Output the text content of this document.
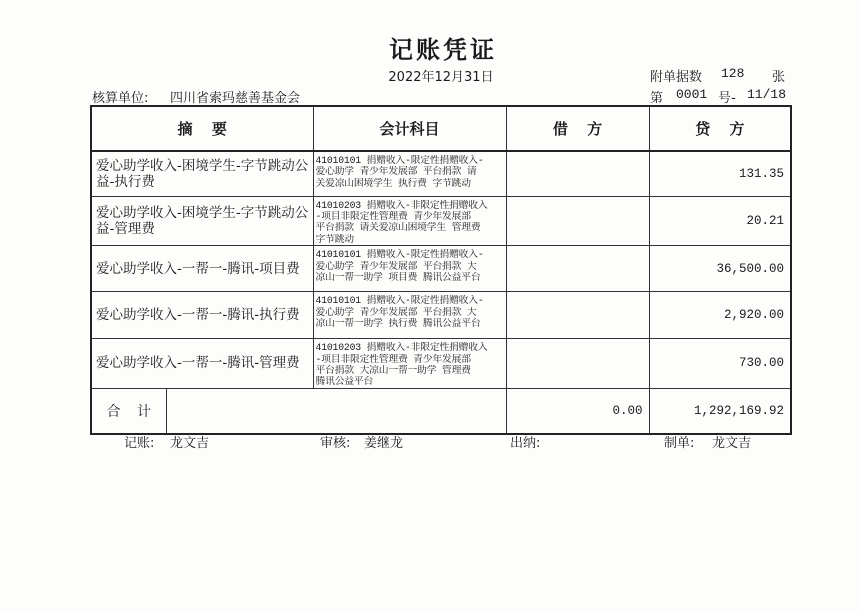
记账凭证
2022年12月31日	附单据数 128 张
核算单位: 四川省索玛慈善基金会	第 0001 号- 11/18
摘 要		会计科目	借 方	贷 方
爱心助学收入-困境学生-字节跳动公益-执行费		41010101 捐赠收入-限定性捐赠收入-
爱心助学 青少年发展部 平台捐款 请
关爱凉山困境学生 执行费 字节跳动		131.35
爱心助学收入-困境学生-字节跳动公益-管理费		41010203 捐赠收入-非限定性捐赠收入
-项目非限定性管理费 青少年发展部
平台捐款 请关爱凉山困境学生 管理费
字节跳动		20.21
爱心助学收入-一帮一-腾讯-项目费		41010101 捐赠收入-限定性捐赠收入-
爱心助学 青少年发展部 平台捐款 大
凉山一帮一助学 项目费 腾讯公益平台		36,500.00
爱心助学收入-一帮一-腾讯-执行费		41010101 捐赠收入-限定性捐赠收入-
爱心助学 青少年发展部 平台捐款 大
凉山一帮一助学 执行费 腾讯公益平台		2,920.00
爱心助学收入-一帮一-腾讯-管理费		41010203 捐赠收入-非限定性捐赠收入
-项目非限定性管理费 青少年发展部
平台捐款 大凉山一帮一助学 管理费
腾讯公益平台		730.00
合 计			0.00	1,292,169.92
记账: 龙文吉	审核: 姜继龙	出纳:	制单: 龙文吉
